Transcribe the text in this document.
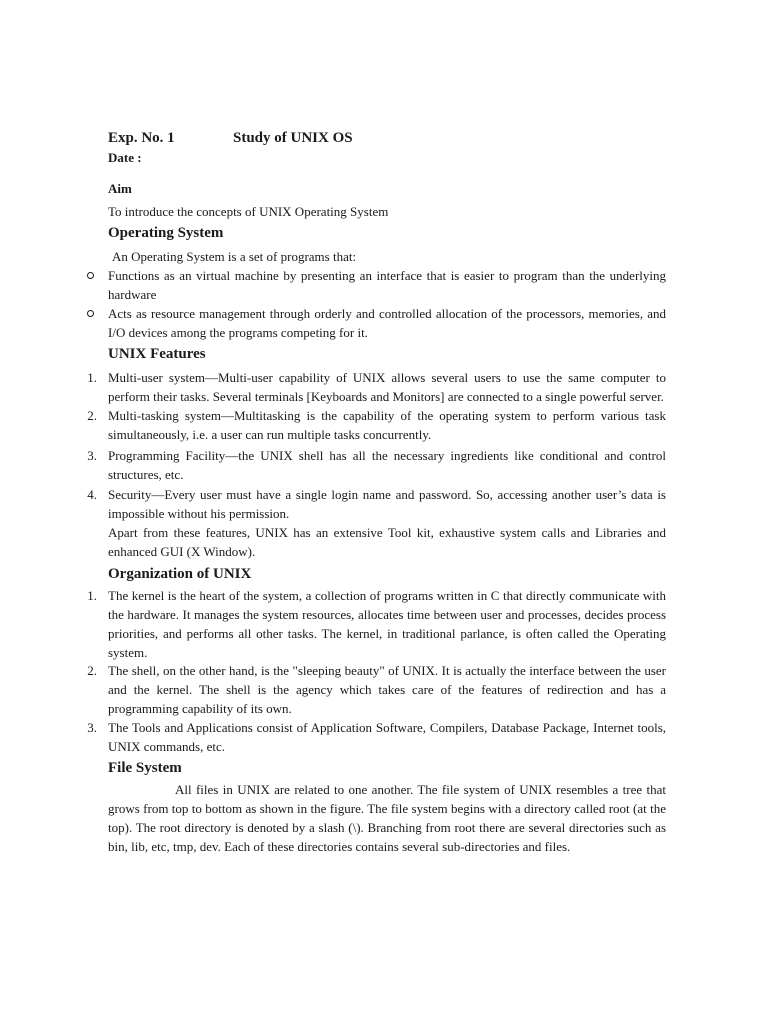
Exp. No. 1	Study of UNIX OS
Date :
Aim
To introduce the concepts of UNIX Operating System
Operating System
An Operating System is a set of programs that:
Functions as an virtual machine by presenting an interface that is easier to program than the underlying hardware
Acts as resource management through orderly and controlled allocation of the processors, memories, and I/O devices among the programs competing for it.
UNIX Features
1. Multi-user system—Multi-user capability of UNIX allows several users to use the same computer to perform their tasks. Several terminals [Keyboards and Monitors] are connected to a single powerful server.
2. Multi-tasking system—Multitasking is the capability of the operating system to perform various task simultaneously, i.e. a user can run multiple tasks concurrently.
3. Programming Facility—the UNIX shell has all the necessary ingredients like conditional and control structures, etc.
4. Security—Every user must have a single login name and password. So, accessing another user’s data is impossible without his permission.
Apart from these features, UNIX has an extensive Tool kit, exhaustive system calls and Libraries and enhanced GUI (X Window).
Organization of UNIX
1. The kernel is the heart of the system, a collection of programs written in C that directly communicate with the hardware. It manages the system resources, allocates time between user and processes, decides process priorities, and performs all other tasks. The kernel, in traditional parlance, is often called the Operating system.
2. The shell, on the other hand, is the "sleeping beauty" of UNIX. It is actually the interface between the user and the kernel. The shell is the agency which takes care of the features of redirection and has a programming capability of its own.
3. The Tools and Applications consist of Application Software, Compilers, Database Package, Internet tools, UNIX commands, etc.
File System
All files in UNIX are related to one another. The file system of UNIX resembles a tree that grows from top to bottom as shown in the figure. The file system begins with a directory called root (at the top). The root directory is denoted by a slash (\). Branching from root there are several directories such as bin, lib, etc, tmp, dev. Each of these directories contains several sub-directories and files.
